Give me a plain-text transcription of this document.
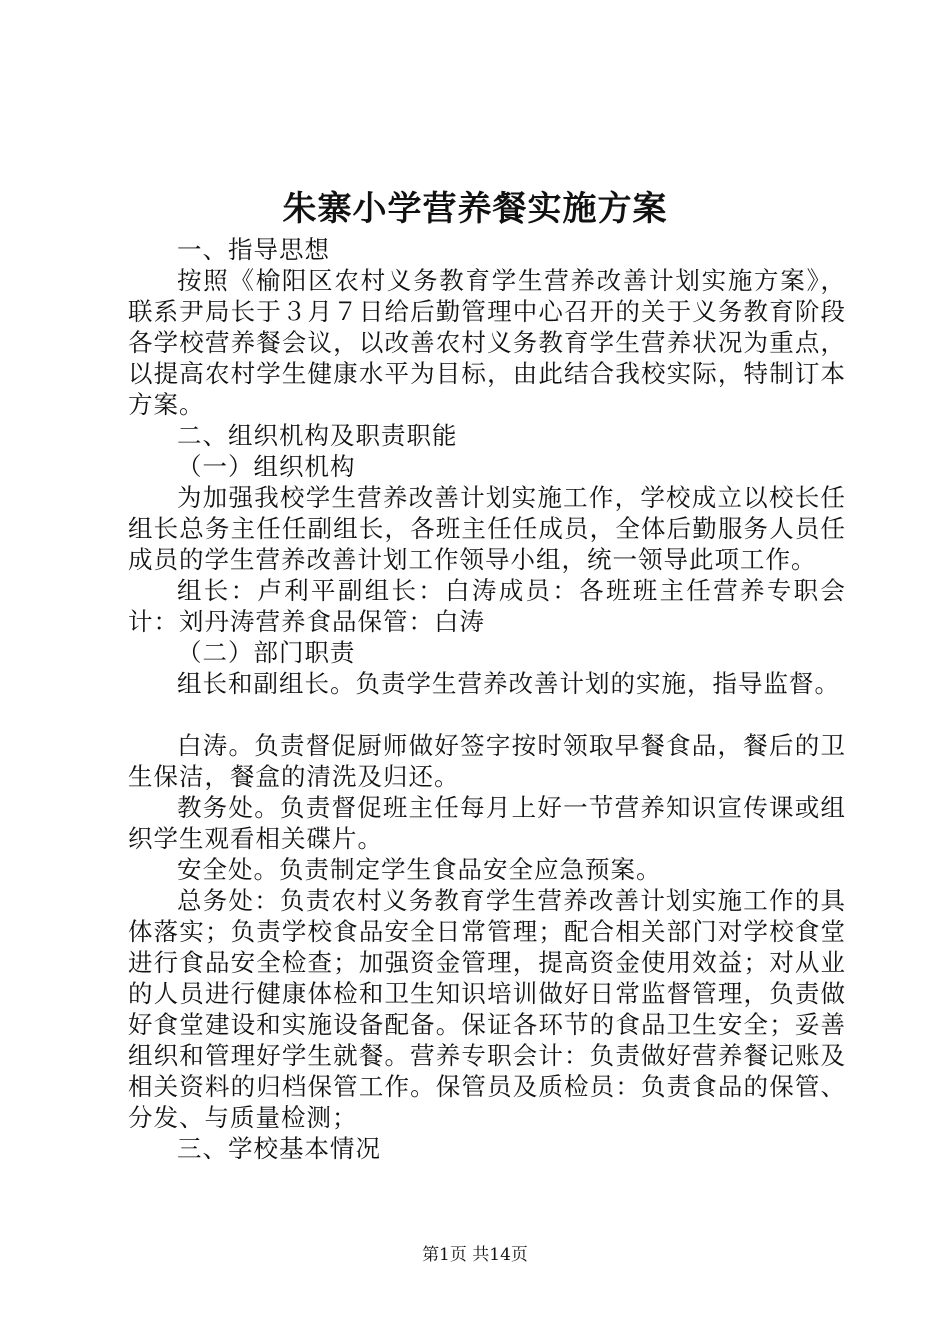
朱寨小学营养餐实施方案

一、指导思想

按照《榆阳区农村义务教育学生营养改善计划实施方案》，联系尹局长于３月７日给后勤管理中心召开的关于义务教育阶段各学校营养餐会议，以改善农村义务教育学生营养状况为重点，以提高农村学生健康水平为目标，由此结合我校实际，特制订本方案。

二、组织机构及职责职能

（一）组织机构

为加强我校学生营养改善计划实施工作，学校成立以校长任组长总务主任任副组长，各班主任任成员，全体后勤服务人员任成员的学生营养改善计划工作领导小组，统一领导此项工作。

组长：卢利平副组长：白涛成员：各班班主任营养专职会计：刘丹涛营养食品保管：白涛

（二）部门职责

组长和副组长。负责学生营养改善计划的实施，指导监督。

白涛。负责督促厨师做好签字按时领取早餐食品，餐后的卫生保洁，餐盒的清洗及归还。

教务处。负责督促班主任每月上好一节营养知识宣传课或组织学生观看相关碟片。

安全处。负责制定学生食品安全应急预案。

总务处：负责农村义务教育学生营养改善计划实施工作的具体落实；负责学校食品安全日常管理；配合相关部门对学校食堂进行食品安全检查；加强资金管理，提高资金使用效益；对从业的人员进行健康体检和卫生知识培训做好日常监督管理，负责做好食堂建设和实施设备配备。保证各环节的食品卫生安全；妥善组织和管理好学生就餐。营养专职会计：负责做好营养餐记账及相关资料的归档保管工作。保管员及质检员：负责食品的保管、分发、与质量检测；

三、学校基本情况

第1页 共14页
